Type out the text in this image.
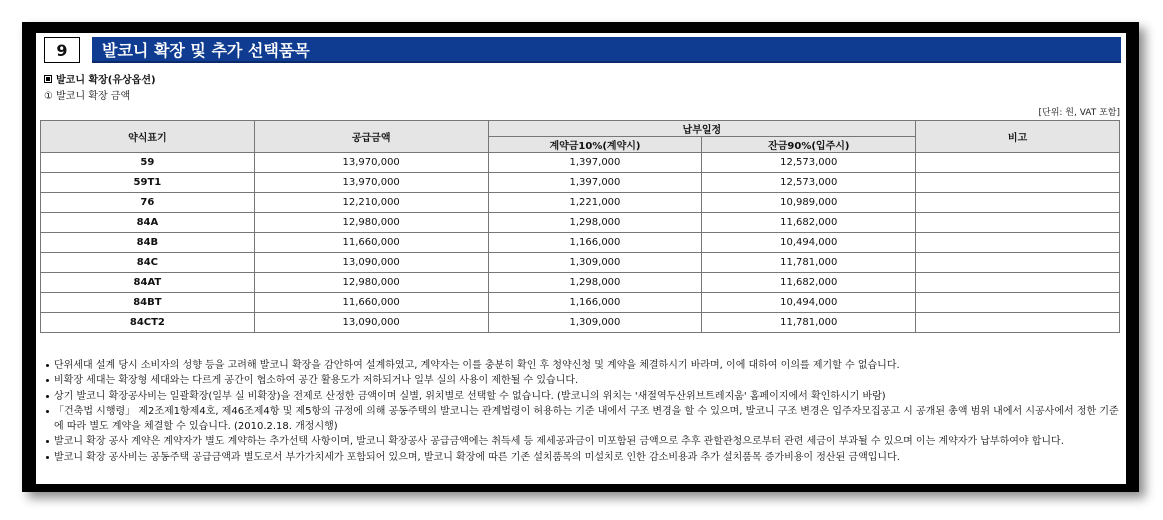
9	발코니 확장 및 추가 선택품목
발코니 확장(유상옵션)
① 발코니 확장 금액
[단위: 원, VAT 포함]
약식표기	공급금액	납부일정		비고
		계약금10%(계약시)	잔금90%(입주시)	
59	13,970,000	1,397,000	12,573,000	
59T1	13,970,000	1,397,000	12,573,000	
76	12,210,000	1,221,000	10,989,000	
84A	12,980,000	1,298,000	11,682,000	
84B	11,660,000	1,166,000	10,494,000	
84C	13,090,000	1,309,000	11,781,000	
84AT	12,980,000	1,298,000	11,682,000	
84BT	11,660,000	1,166,000	10,494,000	
84CT2	13,090,000	1,309,000	11,781,000	
단위세대 설계 당시 소비자의 성향 등을 고려해 발코니 확장을 감안하여 설계하였고, 계약자는 이를 충분히 확인 후 청약신청 및 계약을 체결하시기 바라며, 이에 대하여 이의를 제기할 수 없습니다.
비확장 세대는 확장형 세대와는 다르게 공간이 협소하여 공간 활용도가 저하되거나 일부 실의 사용이 제한될 수 있습니다.
상기 발코니 확장공사비는 일괄확장(일부 실 비확장)을 전제로 산정한 금액이며 실별, 위치별로 선택할 수 없습니다. (발코니의 위치는 '새절역두산위브트레지움' 홈페이지에서 확인하시기 바람)
「건축법 시행령」 제2조제1항제4호, 제46조제4항 및 제5항의 규정에 의해 공동주택의 발코니는 관계법령이 허용하는 기준 내에서 구조 변경을 할 수 있으며, 발코니 구조 변경은 입주자모집공고 시 공개된 총액 범위 내에서 시공사에서 정한 기준에 따라 별도 계약을 체결할 수 있습니다. (2010.2.18. 개정시행)
발코니 확장 공사 계약은 계약자가 별도 계약하는 추가선택 사항이며, 발코니 확장공사 공급금액에는 취득세 등 제세공과금이 미포함된 금액으로 추후 관할관청으로부터 관련 세금이 부과될 수 있으며 이는 계약자가 납부하여야 합니다.
발코니 확장 공사비는 공동주택 공급금액과 별도로서 부가가치세가 포함되어 있으며, 발코니 확장에 따른 기존 설치품목의 미설치로 인한 감소비용과 추가 설치품목 증가비용이 정산된 금액입니다.
